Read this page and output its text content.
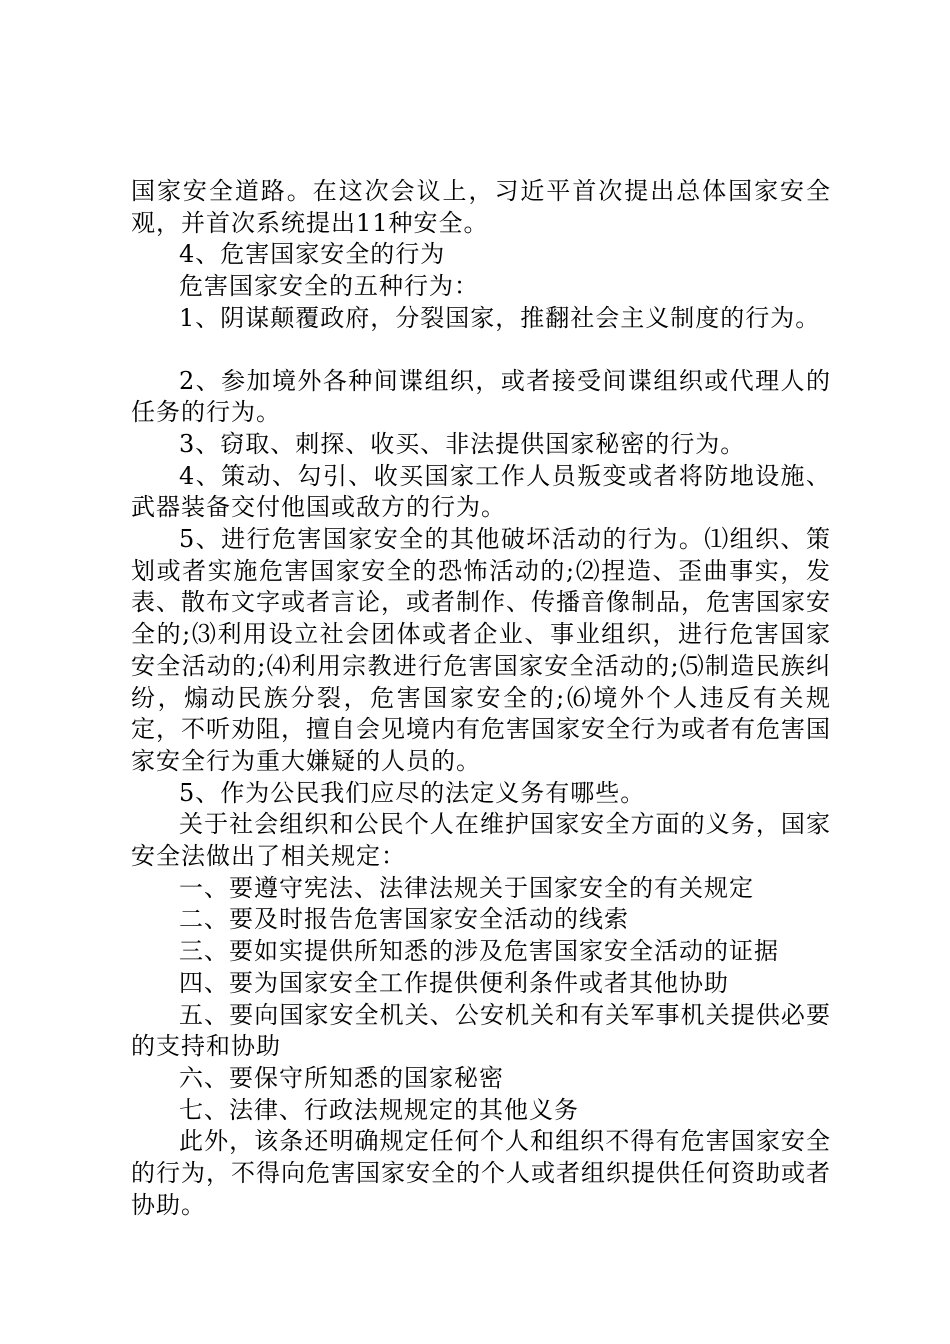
国家安全道路。在这次会议上，习近平首次提出总体国家安全观，并首次系统提出11种安全。

4、危害国家安全的行为

危害国家安全的五种行为：

1、阴谋颠覆政府，分裂国家，推翻社会主义制度的行为。

2、参加境外各种间谍组织，或者接受间谍组织或代理人的任务的行为。

3、窃取、刺探、收买、非法提供国家秘密的行为。

4、策动、勾引、收买国家工作人员叛变或者将防地设施、武器装备交付他国或敌方的行为。

5、进行危害国家安全的其他破坏活动的行为。⑴组织、策划或者实施危害国家安全的恐怖活动的;⑵捏造、歪曲事实，发表、散布文字或者言论，或者制作、传播音像制品，危害国家安全的;⑶利用设立社会团体或者企业、事业组织，进行危害国家安全活动的;⑷利用宗教进行危害国家安全活动的;⑸制造民族纠纷，煽动民族分裂，危害国家安全的;⑹境外个人违反有关规定，不听劝阻，擅自会见境内有危害国家安全行为或者有危害国家安全行为重大嫌疑的人员的。

5、作为公民我们应尽的法定义务有哪些。

关于社会组织和公民个人在维护国家安全方面的义务，国家安全法做出了相关规定：

一、要遵守宪法、法律法规关于国家安全的有关规定

二、要及时报告危害国家安全活动的线索

三、要如实提供所知悉的涉及危害国家安全活动的证据

四、要为国家安全工作提供便利条件或者其他协助

五、要向国家安全机关、公安机关和有关军事机关提供必要的支持和协助

六、要保守所知悉的国家秘密

七、法律、行政法规规定的其他义务

此外，该条还明确规定任何个人和组织不得有危害国家安全的行为，不得向危害国家安全的个人或者组织提供任何资助或者协助。
